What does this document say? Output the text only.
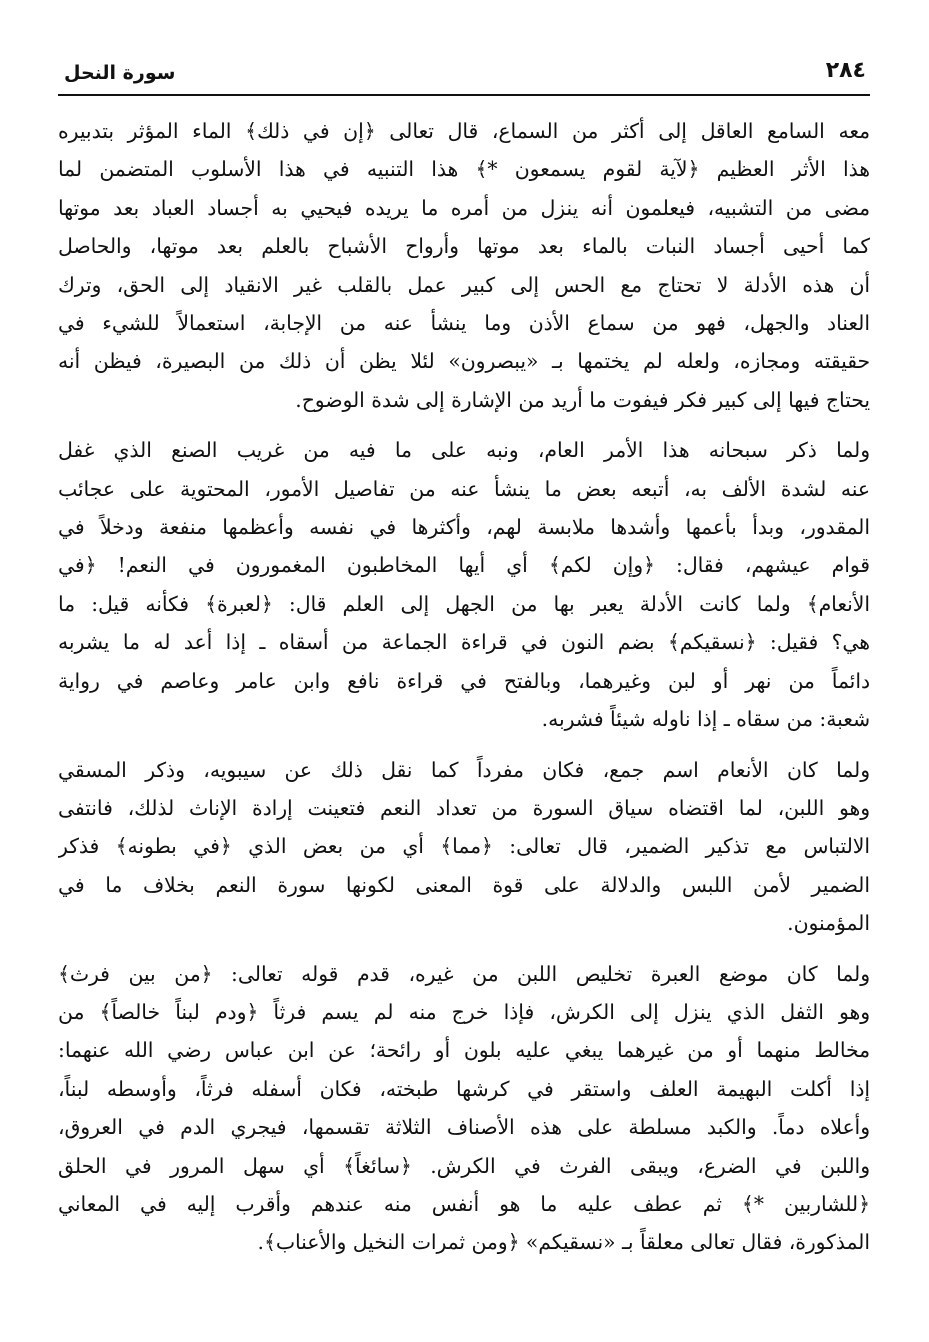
٢٨٤
سورة النحل
معه السامع العاقل إلى أكثر من السماع، قال تعالى ﴿إن في ذلك﴾ الماء المؤثر بتدبيره
هذا الأثر العظيم ﴿لآية لقوم يسمعون *﴾ هذا التنبيه في هذا الأسلوب المتضمن لما
مضى من التشبيه، فيعلمون أنه ينزل من أمره ما يريده فيحيي به أجساد العباد بعد موتها
كما أحيى أجساد النبات بالماء بعد موتها وأرواح الأشباح بالعلم بعد موتها، والحاصل
أن هذه الأدلة لا تحتاج مع الحس إلى كبير عمل بالقلب غير الانقياد إلى الحق، وترك
العناد والجهل، فهو من سماع الأذن وما ينشأ عنه من الإجابة، استعمالاً للشيء في
حقيقته ومجازه، ولعله لم يختمها بـ «يبصرون» لئلا يظن أن ذلك من البصيرة، فيظن أنه
يحتاج فيها إلى كبير فكر فيفوت ما أريد من الإشارة إلى شدة الوضوح.
ولما ذكر سبحانه هذا الأمر العام، ونبه على ما فيه من غريب الصنع الذي غفل
عنه لشدة الألف به، أتبعه بعض ما ينشأ عنه من تفاصيل الأمور، المحتوية على عجائب
المقدور، وبدأ بأعمها وأشدها ملابسة لهم، وأكثرها في نفسه وأعظمها منفعة ودخلاً في
قوام عيشهم، فقال: ﴿وإن لكم﴾ أي أيها المخاطبون المغمورون في النعم! ﴿في
الأنعام﴾ ولما كانت الأدلة يعبر بها من الجهل إلى العلم قال: ﴿لعبرة﴾ فكأنه قيل: ما
هي؟ فقيل: ﴿نسقيكم﴾ بضم النون في قراءة الجماعة من أسقاه ـ إذا أعد له ما يشربه
دائماً من نهر أو لبن وغيرهما، وبالفتح في قراءة نافع وابن عامر وعاصم في رواية
شعبة: من سقاه ـ إذا ناوله شيئاً فشربه.
ولما كان الأنعام اسم جمع، فكان مفرداً كما نقل ذلك عن سيبويه، وذكر المسقي
وهو اللبن، لما اقتضاه سياق السورة من تعداد النعم فتعينت إرادة الإناث لذلك، فانتفى
الالتباس مع تذكير الضمير، قال تعالى: ﴿مما﴾ أي من بعض الذي ﴿في بطونه﴾ فذكر
الضمير لأمن اللبس والدلالة على قوة المعنى لكونها سورة النعم بخلاف ما في
المؤمنون.
ولما كان موضع العبرة تخليص اللبن من غيره، قدم قوله تعالى: ﴿من بين فرث﴾
وهو الثفل الذي ينزل إلى الكرش، فإذا خرج منه لم يسم فرثاً ﴿ودم لبناً خالصاً﴾ من
مخالط منهما أو من غيرهما يبغي عليه بلون أو رائحة؛ عن ابن عباس رضي الله عنهما:
إذا أكلت البهيمة العلف واستقر في كرشها طبخته، فكان أسفله فرثاً، وأوسطه لبناً،
وأعلاه دماً. والكبد مسلطة على هذه الأصناف الثلاثة تقسمها، فيجري الدم في العروق،
واللبن في الضرع، ويبقى الفرث في الكرش. ﴿سائغاً﴾ أي سهل المرور في الحلق
﴿للشاربين *﴾ ثم عطف عليه ما هو أنفس منه عندهم وأقرب إليه في المعاني
المذكورة، فقال تعالى معلقاً بـ «نسقيكم» ﴿ومن ثمرات النخيل والأعناب﴾.
